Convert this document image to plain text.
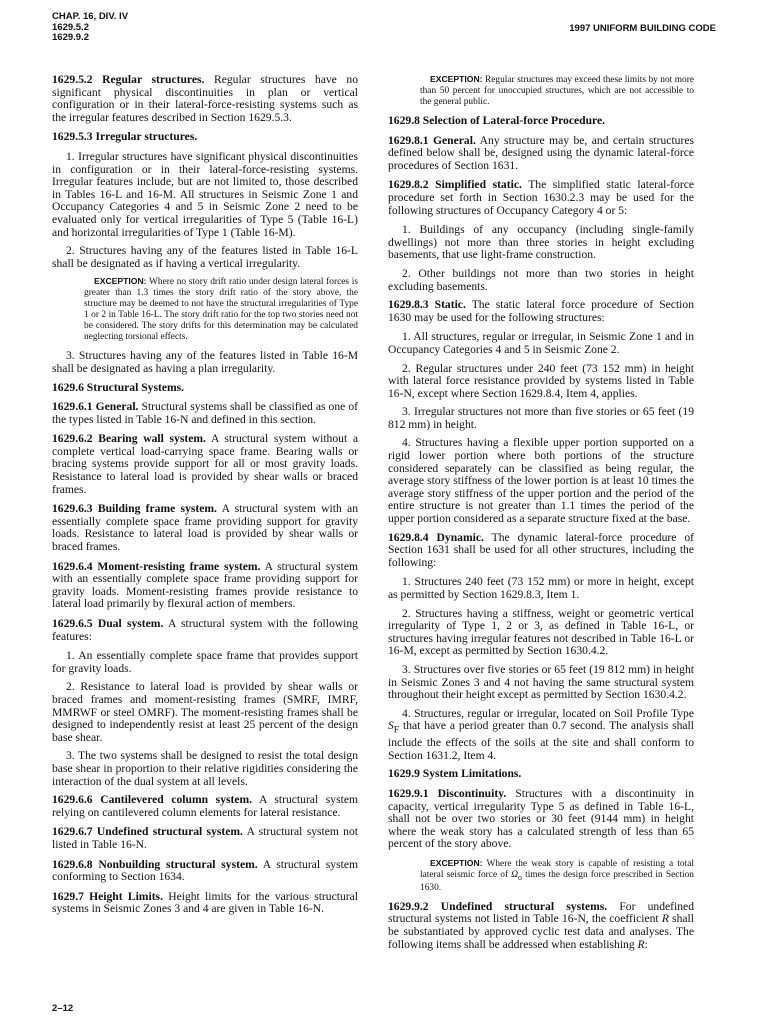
CHAP. 16, DIV. IV
1629.5.2
1629.9.2
1997 UNIFORM BUILDING CODE

1629.5.2 Regular structures. Regular structures have no significant physical discontinuities in plan or vertical configuration or in their lateral-force-resisting systems such as the irregular features described in Section 1629.5.3.

1629.5.3 Irregular structures.

1. Irregular structures have significant physical discontinuities in configuration or in their lateral-force-resisting systems. Irregular features include, but are not limited to, those described in Tables 16-L and 16-M. All structures in Seismic Zone 1 and Occupancy Categories 4 and 5 in Seismic Zone 2 need to be evaluated only for vertical irregularities of Type 5 (Table 16-L) and horizontal irregularities of Type 1 (Table 16-M).

2. Structures having any of the features listed in Table 16-L shall be designated as if having a vertical irregularity.

EXCEPTION: Where no story drift ratio under design lateral forces is greater than 1.3 times the story drift ratio of the story above, the structure may be deemed to not have the structural irregularities of Type 1 or 2 in Table 16-L. The story drift ratio for the top two stories need not be considered. The story drifts for this determination may be calculated neglecting torsional effects.

3. Structures having any of the features listed in Table 16-M shall be designated as having a plan irregularity.

1629.6 Structural Systems.

1629.6.1 General. Structural systems shall be classified as one of the types listed in Table 16-N and defined in this section.

1629.6.2 Bearing wall system. A structural system without a complete vertical load-carrying space frame. Bearing walls or bracing systems provide support for all or most gravity loads. Resistance to lateral load is provided by shear walls or braced frames.

1629.6.3 Building frame system. A structural system with an essentially complete space frame providing support for gravity loads. Resistance to lateral load is provided by shear walls or braced frames.

1629.6.4 Moment-resisting frame system. A structural system with an essentially complete space frame providing support for gravity loads. Moment-resisting frames provide resistance to lateral load primarily by flexural action of members.

1629.6.5 Dual system. A structural system with the following features:

1. An essentially complete space frame that provides support for gravity loads.

2. Resistance to lateral load is provided by shear walls or braced frames and moment-resisting frames (SMRF, IMRF, MMRWF or steel OMRF). The moment-resisting frames shall be designed to independently resist at least 25 percent of the design base shear.

3. The two systems shall be designed to resist the total design base shear in proportion to their relative rigidities considering the interaction of the dual system at all levels.

1629.6.6 Cantilevered column system. A structural system relying on cantilevered column elements for lateral resistance.

1629.6.7 Undefined structural system. A structural system not listed in Table 16-N.

1629.6.8 Nonbuilding structural system. A structural system conforming to Section 1634.

1629.7 Height Limits. Height limits for the various structural systems in Seismic Zones 3 and 4 are given in Table 16-N.

EXCEPTION: Regular structures may exceed these limits by not more than 50 percent for unoccupied structures, which are not accessible to the general public.
1629.8 Selection of Lateral-force Procedure.

1629.8.1 General. Any structure may be, and certain structures defined below shall be, designed using the dynamic lateral-force procedures of Section 1631.

1629.8.2 Simplified static. The simplified static lateral-force procedure set forth in Section 1630.2.3 may be used for the following structures of Occupancy Category 4 or 5:

1. Buildings of any occupancy (including single-family dwellings) not more than three stories in height excluding basements, that use light-frame construction.

2. Other buildings not more than two stories in height excluding basements.

1629.8.3 Static. The static lateral force procedure of Section 1630 may be used for the following structures:

1. All structures, regular or irregular, in Seismic Zone 1 and in Occupancy Categories 4 and 5 in Seismic Zone 2.

2. Regular structures under 240 feet (73 152 mm) in height with lateral force resistance provided by systems listed in Table 16-N, except where Section 1629.8.4, Item 4, applies.

3. Irregular structures not more than five stories or 65 feet (19 812 mm) in height.

4. Structures having a flexible upper portion supported on a rigid lower portion where both portions of the structure considered separately can be classified as being regular, the average story stiffness of the lower portion is at least 10 times the average story stiffness of the upper portion and the period of the entire structure is not greater than 1.1 times the period of the upper portion considered as a separate structure fixed at the base.

1629.8.4 Dynamic. The dynamic lateral-force procedure of Section 1631 shall be used for all other structures, including the following:

1. Structures 240 feet (73 152 mm) or more in height, except as permitted by Section 1629.8.3, Item 1.

2. Structures having a stiffness, weight or geometric vertical irregularity of Type 1, 2 or 3, as defined in Table 16-L, or structures having irregular features not described in Table 16-L or 16-M, except as permitted by Section 1630.4.2.

3. Structures over five stories or 65 feet (19 812 mm) in height in Seismic Zones 3 and 4 not having the same structural system throughout their height except as permitted by Section 1630.4.2.

4. Structures, regular or irregular, located on Soil Profile Type $S_F$ that have a period greater than 0.7 second. The analysis shall include the effects of the soils at the site and shall conform to Section 1631.2, Item 4.

1629.9 System Limitations.

1629.9.1 Discontinuity. Structures with a discontinuity in capacity, vertical irregularity Type 5 as defined in Table 16-L, shall not be over two stories or 30 feet (9144 mm) in height where the weak story has a calculated strength of less than 65 percent of the story above.

EXCEPTION: Where the weak story is capable of resisting a total lateral seismic force of $\Omega_o$ times the design force prescribed in Section 1630.

1629.9.2 Undefined structural systems. For undefined structural systems not listed in Table 16-N, the coefficient R shall be substantiated by approved cyclic test data and analyses. The following items shall be addressed when establishing R:

2–12
